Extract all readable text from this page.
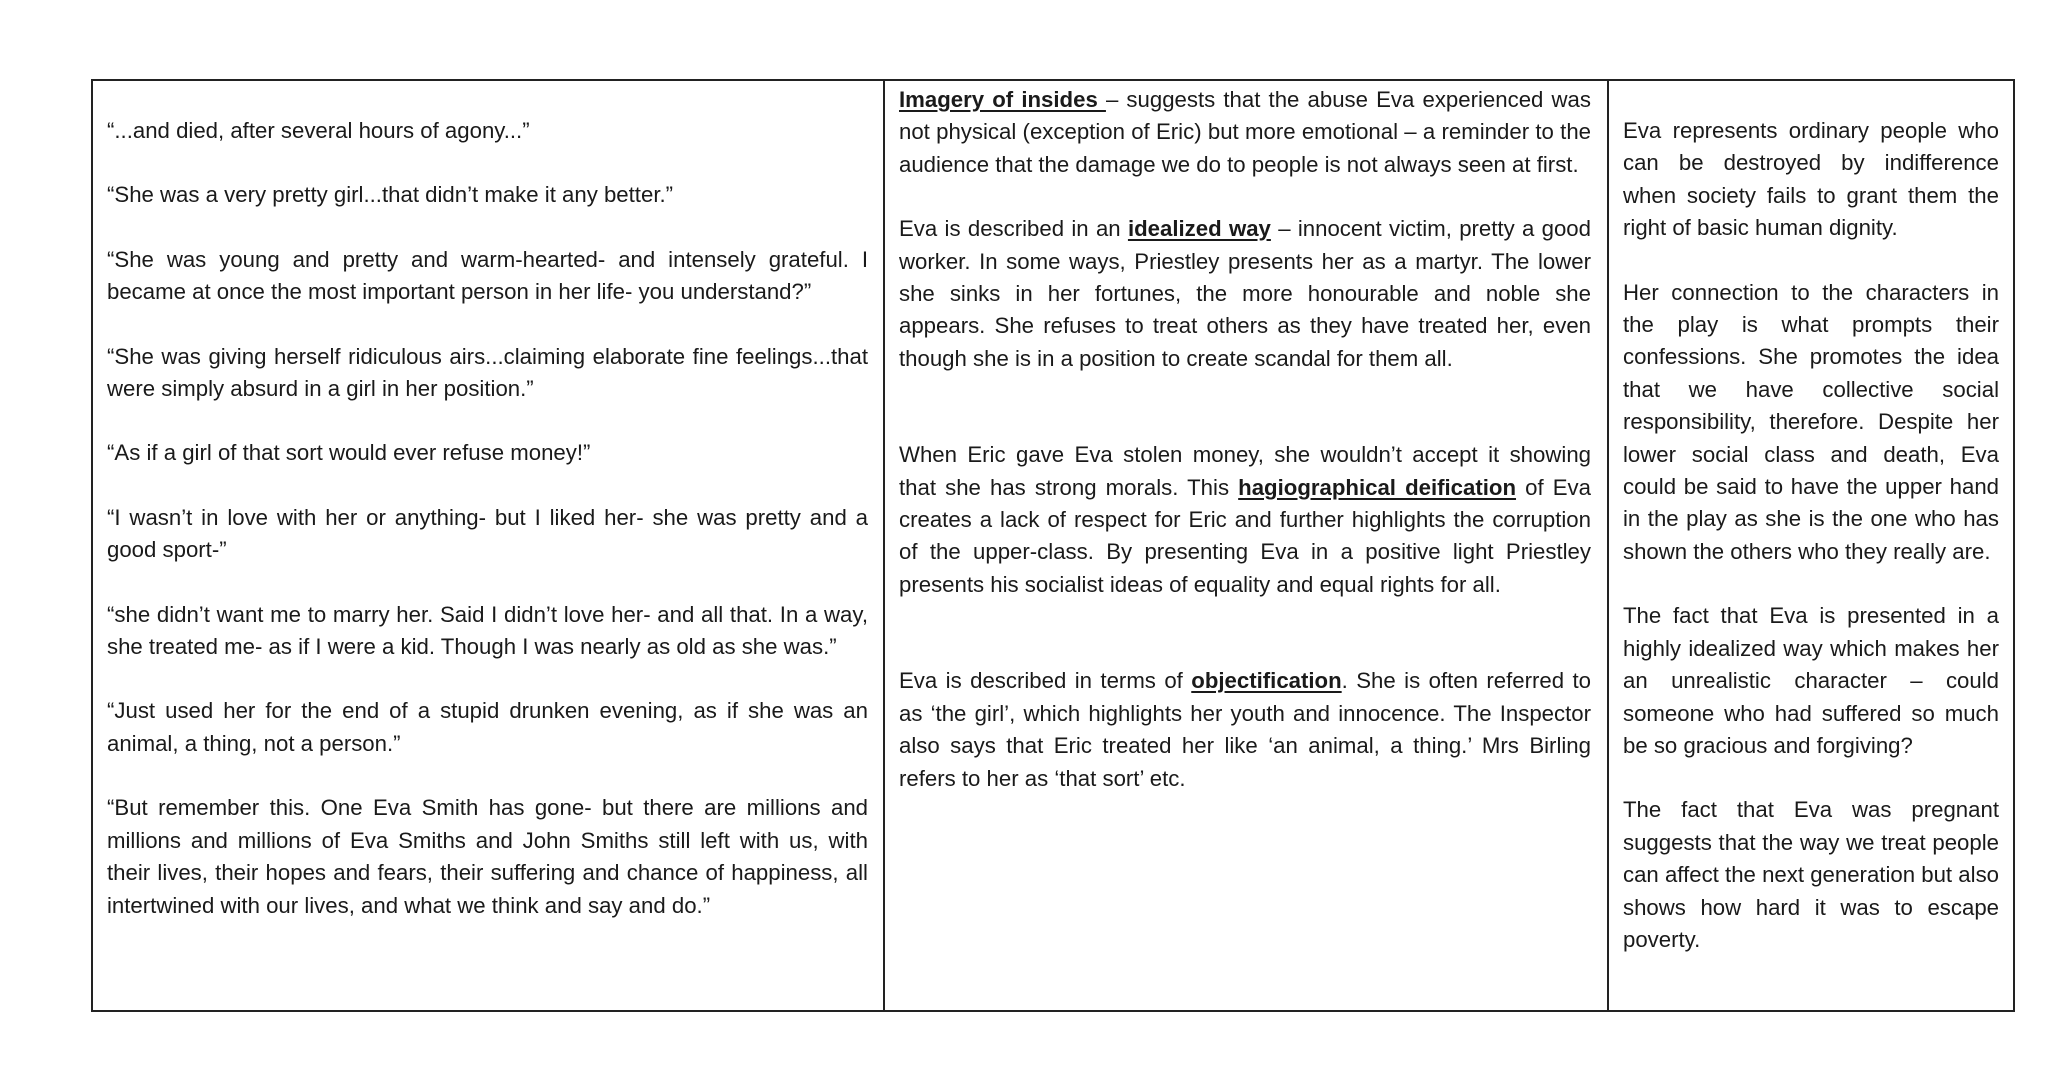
“...and died, after several hours of agony...”

“She was a very pretty girl...that didn’t make it any better.”

“She was young and pretty and warm-hearted- and intensely grateful. I became at once the most important person in her life- you understand?”

“She was giving herself ridiculous airs...claiming elaborate fine feelings...that were simply absurd in a girl in her position.”

“As if a girl of that sort would ever refuse money!”

“I wasn’t in love with her or anything- but I liked her- she was pretty and a good sport-”

“she didn’t want me to marry her. Said I didn’t love her- and all that. In a way, she treated me- as if I were a kid. Though I was nearly as old as she was.”

“Just used her for the end of a stupid drunken evening, as if she was an animal, a thing, not a person.”

“But remember this. One Eva Smith has gone- but there are millions and millions and millions of Eva Smiths and John Smiths still left with us, with their lives, their hopes and fears, their suffering and chance of happiness, all intertwined with our lives, and what we think and say and do.”

Imagery of insides – suggests that the abuse Eva experienced was not physical (exception of Eric) but more emotional – a reminder to the audience that the damage we do to people is not always seen at first.

Eva is described in an idealized way – innocent victim, pretty a good worker. In some ways, Priestley presents her as a martyr. The lower she sinks in her fortunes, the more honourable and noble she appears. She refuses to treat others as they have treated her, even though she is in a position to create scandal for them all.

When Eric gave Eva stolen money, she wouldn’t accept it showing that she has strong morals. This hagiographical deification of Eva creates a lack of respect for Eric and further highlights the corruption of the upper-class. By presenting Eva in a positive light Priestley presents his socialist ideas of equality and equal rights for all.

Eva is described in terms of objectification. She is often referred to as ‘the girl’, which highlights her youth and innocence. The Inspector also says that Eric treated her like ‘an animal, a thing.’ Mrs Birling refers to her as ‘that sort’ etc.

Eva represents ordinary people who can be destroyed by indifference when society fails to grant them the right of basic human dignity.

Her connection to the characters in the play is what prompts their confessions. She promotes the idea that we have collective social responsibility, therefore. Despite her lower social class and death, Eva could be said to have the upper hand in the play as she is the one who has shown the others who they really are.

The fact that Eva is presented in a highly idealized way which makes her an unrealistic character – could someone who had suffered so much be so gracious and forgiving?

The fact that Eva was pregnant suggests that the way we treat people can affect the next generation but also shows how hard it was to escape poverty.
